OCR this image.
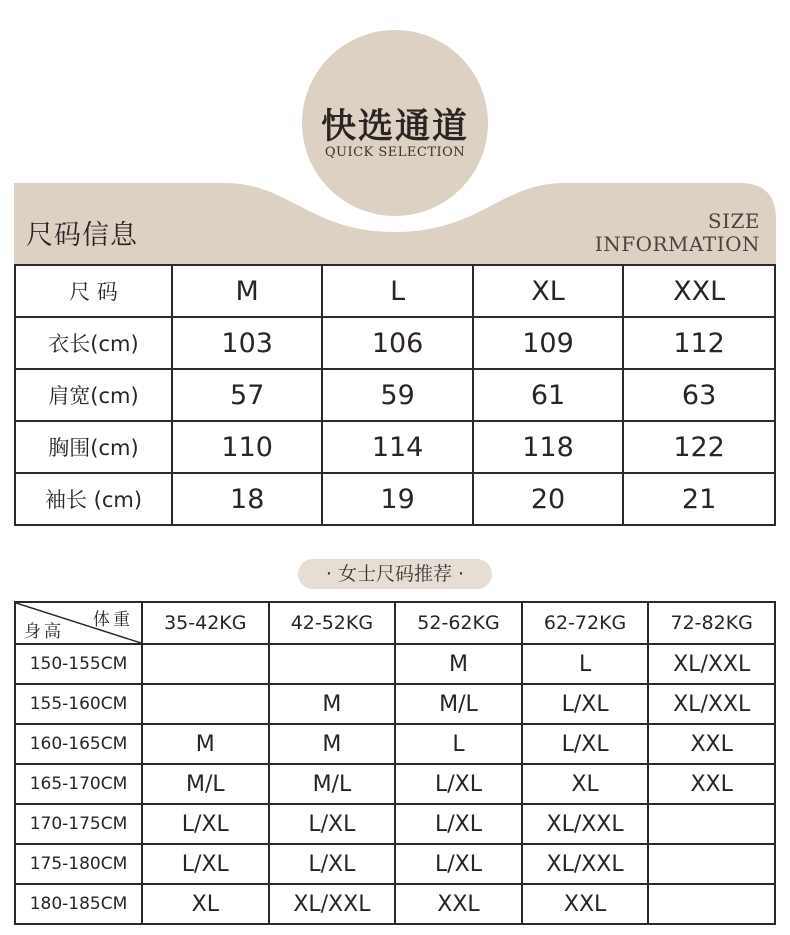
快选通道
QUICK SELECTION
尺码信息	SIZE
INFORMATION
尺 码	M	L	XL	XXL
衣长(cm)	103	106	109	112
肩宽(cm)	57	59	61	63
胸围(cm)	110	114	118	122
袖长 (cm)	18	19	20	21
· 女士尺码推荐 ·
体重
身高	35-42KG	42-52KG	52-62KG	62-72KG	72-82KG
150-155CM			M	L	XL/XXL
155-160CM		M	M/L	L/XL	XL/XXL
160-165CM	M	M	L	L/XL	XXL
165-170CM	M/L	M/L	L/XL	XL	XXL
170-175CM	L/XL	L/XL	L/XL	XL/XXL	
175-180CM	L/XL	L/XL	L/XL	XL/XXL	
180-185CM	XL	XL/XXL	XXL	XXL	
